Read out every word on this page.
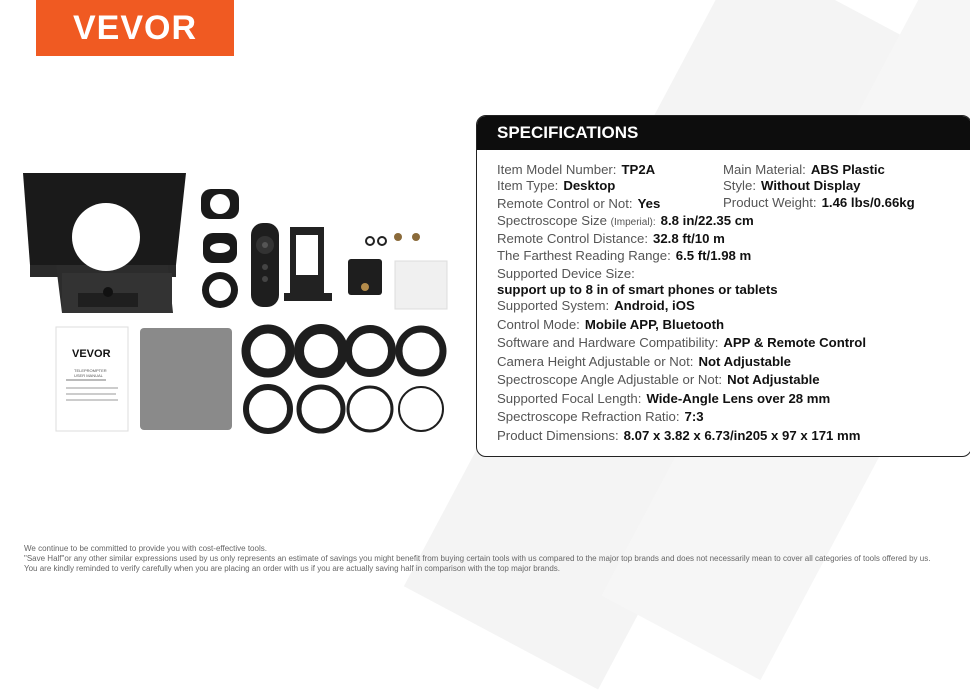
VEVOR
VEVOR
TELEPROMPTER
USER MANUAL
SPECIFICATIONS
Item Model Number: TP2A	Main Material: ABS Plastic
Item Type: Desktop	Style: Without Display
Remote Control or Not: Yes	Product Weight: 1.46 lbs/0.66kg
Spectroscope Size (Imperial): 8.8 in/22.35 cm
Remote Control Distance: 32.8 ft/10 m
The Farthest Reading Range: 6.5 ft/1.98 m
Supported Device Size:
support up to 8 in of smart phones or tablets
Supported System: Android, iOS
Control Mode: Mobile APP, Bluetooth
Software and Hardware Compatibility: APP & Remote Control
Camera Height Adjustable or Not: Not Adjustable
Spectroscope Angle Adjustable or Not: Not Adjustable
Supported Focal Length: Wide-Angle Lens over 28 mm
Spectroscope Refraction Ratio: 7:3
Product Dimensions: 8.07 x 3.82 x 6.73/in205 x 97 x 171 mm

We continue to be committed to provide you with cost-effective tools.

"Save Half"or any other similar expressions used by us only represents an estimate of savings you might benefit from buying certain tools with us compared to the major top brands and does not necessarily mean to cover all categories of tools offered by us.

You are kindly reminded to verify carefully when you are placing an order with us if you are actually saving half in comparison with the top major brands.
